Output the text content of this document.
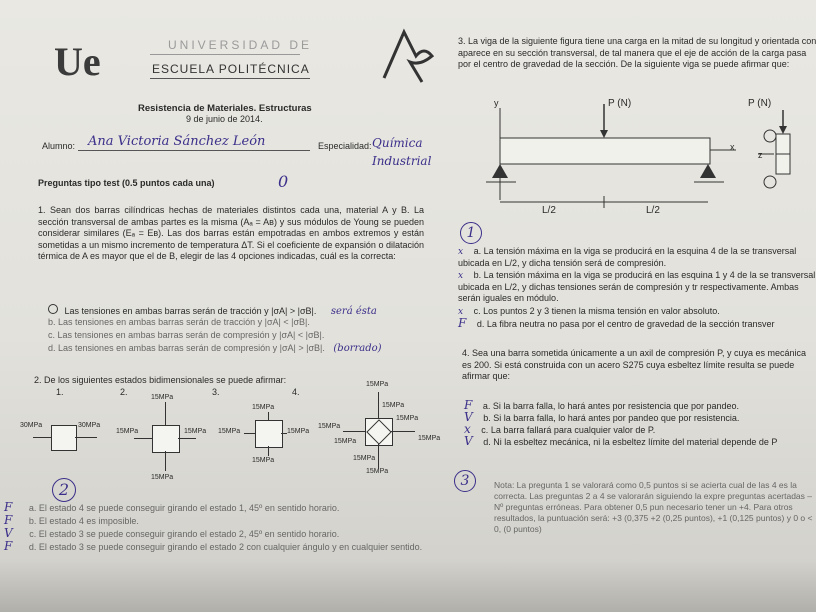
Ue	UNIVERSIDAD DE
ESCUELA POLITÉCNICA
Resistencia de Materiales. Estructuras
9 de junio de 2014.
Alumno: Ana Victoria Sánchez León	Especialidad: Química Industrial
Preguntas tipo test (0.5 puntos cada una)	0
1. Sean dos barras cilíndricas hechas de materiales distintos cada una, material A y B. La sección transversal de ambas partes es la misma (Aₐ = Aʙ) y sus módulos de Young se pueden considerar similares (Eₐ = Eʙ). Las dos barras están empotradas en ambos extremos y están sometidas a un mismo incremento de temperatura ΔT. Si el coeficiente de expansión o dilatación térmica de A es mayor que el de B, elegir de las 4 opciones indicadas, cuál es la correcta:
Las tensiones en ambas barras serán de tracción y |σA| > |σB|. será ésta
b. Las tensiones en ambas barras serán de tracción y |σA| < |σB|.
c. Las tensiones en ambas barras serán de compresión y |σA| < |σB|.
d. Las tensiones en ambas barras serán de compresión y |σA| > |σB|. (borrado)
2. De los siguientes estados bidimensionales se puede afirmar:
1.	2.	3.	4.
30MPa	30MPa
15MPa
15MPa	15MPa
15MPa
15MPa
15MPa	15MPa
15MPa
15MPa
15MPa
15MPa
15MPa
15MPa	15MPa
15MPa
15MPa
2
F a. El estado 4 se puede conseguir girando el estado 1, 45º en sentido horario.
F b. El estado 4 es imposible.
V c. El estado 3 se puede conseguir girando el estado 2, 45º en sentido horario.
F d. El estado 3 se puede conseguir girando el estado 2 con cualquier ángulo y en cualquier sentido.
3. La viga de la siguiente figura tiene una carga en la mitad de su longitud y orientada con aparece en su sección transversal, de tal manera que el eje de acción de la carga pasa por el centro de gravedad de la sección. De la siguiente viga se puede afirmar que:
y	P (N)	P (N)
x
z
L/2	L/2
1
x a. La tensión máxima en la viga se producirá en la esquina 4 de la se transversal ubicada en L/2, y dicha tensión será de compresión.
x b. La tensión máxima en la viga se producirá en las esquina 1 y 4 de la se transversal ubicada en L/2, y dichas tensiones serán de compresión y tr respectivamente. Ambas serán iguales en módulo.
x c. Los puntos 2 y 3 tienen la misma tensión en valor absoluto.
F d. La fibra neutra no pasa por el centro de gravedad de la sección transver
4. Sea una barra sometida únicamente a un axil de compresión P, y cuya es mecánica es 200. Si está construida con un acero S275 cuya esbeltez límite resulta se puede afirmar que:
F a. Si la barra falla, lo hará antes por resistencia que por pandeo.
V b. Si la barra falla, lo hará antes por pandeo que por resistencia.
x c. La barra fallará para cualquier valor de P.
V d. Ni la esbeltez mecánica, ni la esbeltez límite del material depende de P
3	Nota: La pregunta 1 se valorará como 0,5 puntos si se acierta cual de las 4 es la correcta. Las preguntas 2 a 4 se valorarán siguiendo la expre preguntas acertadas – Nº preguntas erróneas. Para obtener 0,5 pun necesario tener un +4. Para otros resultados, la puntuación será: +3 (0,375 +2 (0,25 puntos), +1 (0,125 puntos) y 0 o < 0, (0 puntos)
